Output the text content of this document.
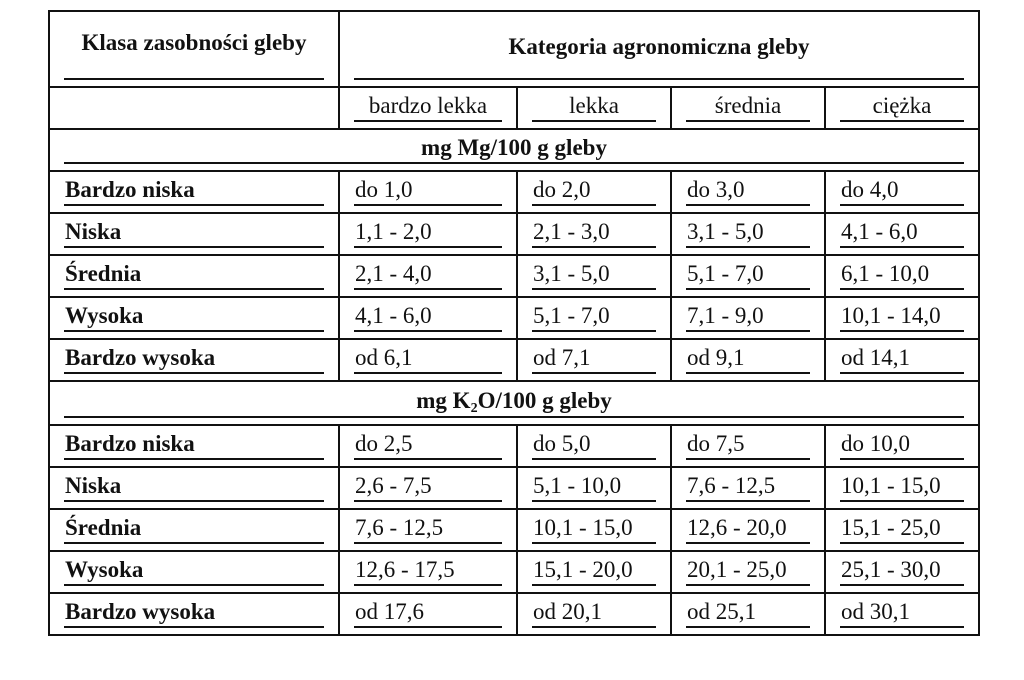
Klasa zasobności gleby	Kategoria agronomiczna gleby			

	bardzo lekka	lekka	średnia	ciężka

mg Mg/100 g gleby				

Bardzo niska	do 1,0	do 2,0	do 3,0	do 4,0

Niska	1,1 - 2,0	2,1 - 3,0	3,1 - 5,0	4,1 - 6,0

Średnia	2,1 - 4,0	3,1 - 5,0	5,1 - 7,0	6,1 - 10,0

Wysoka	4,1 - 6,0	5,1 - 7,0	7,1 - 9,0	10,1 - 14,0

Bardzo wysoka	od 6,1	od 7,1	od 9,1	od 14,1

mg $K_2O/100$ g gleby				

Bardzo niska	do 2,5	do 5,0	do 7,5	do 10,0

Niska	2,6 - 7,5	5,1 - 10,0	7,6 - 12,5	10,1 - 15,0

Średnia	7,6 - 12,5	10,1 - 15,0	12,6 - 20,0	15,1 - 25,0

Wysoka	12,6 - 17,5	15,1 - 20,0	20,1 - 25,0	25,1 - 30,0

Bardzo wysoka	od 17,6	od 20,1	od 25,1	od 30,1
